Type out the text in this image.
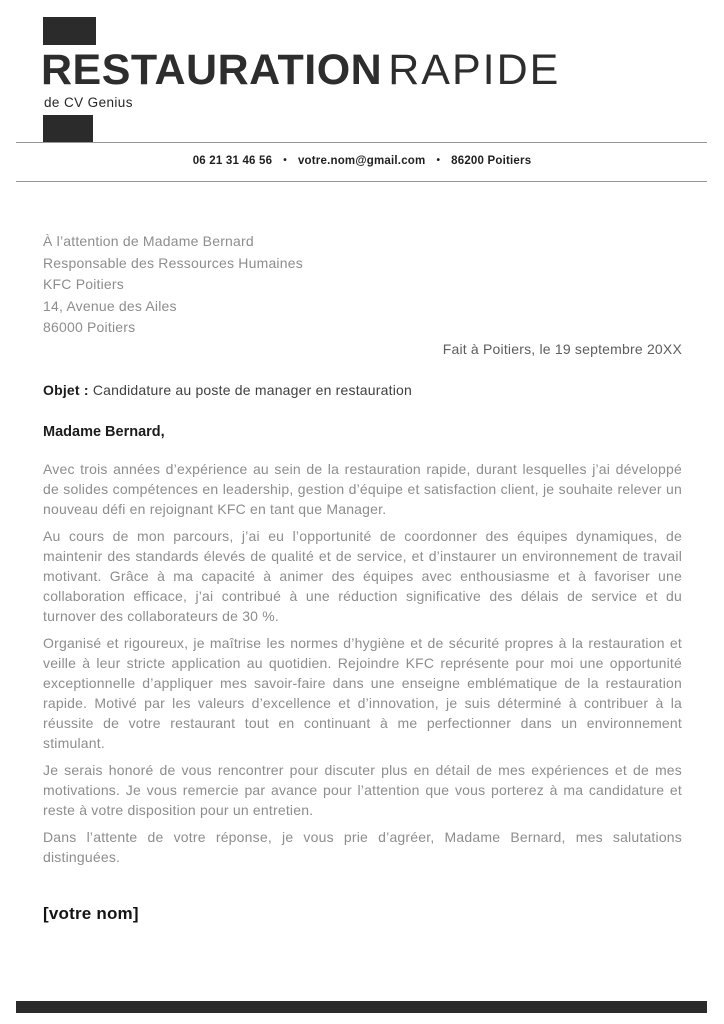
RESTAURATION RAPIDE
de CV Genius
06 21 31 46 56 • votre.nom@gmail.com • 86200 Poitiers
À l’attention de Madame Bernard
Responsable des Ressources Humaines
KFC Poitiers
14, Avenue des Ailes
86000 Poitiers
Fait à Poitiers, le 19 septembre 20XX
Objet : Candidature au poste de manager en restauration
Madame Bernard,

Avec trois années d’expérience au sein de la restauration rapide, durant lesquelles j’ai développé de solides compétences en leadership, gestion d’équipe et satisfaction client, je souhaite relever un nouveau défi en rejoignant KFC en tant que Manager.

Au cours de mon parcours, j’ai eu l’opportunité de coordonner des équipes dynamiques, de maintenir des standards élevés de qualité et de service, et d’instaurer un environnement de travail motivant. Grâce à ma capacité à animer des équipes avec enthousiasme et à favoriser une collaboration efficace, j’ai contribué à une réduction significative des délais de service et du turnover des collaborateurs de 30 %.

Organisé et rigoureux, je maîtrise les normes d’hygiène et de sécurité propres à la restauration et veille à leur stricte application au quotidien. Rejoindre KFC représente pour moi une opportunité exceptionnelle d’appliquer mes savoir-faire dans une enseigne emblématique de la restauration rapide. Motivé par les valeurs d’excellence et d’innovation, je suis déterminé à contribuer à la réussite de votre restaurant tout en continuant à me perfectionner dans un environnement stimulant.

Je serais honoré de vous rencontrer pour discuter plus en détail de mes expériences et de mes motivations. Je vous remercie par avance pour l’attention que vous porterez à ma candidature et reste à votre disposition pour un entretien.

Dans l’attente de votre réponse, je vous prie d’agréer, Madame Bernard, mes salutations distinguées.

[votre nom]
